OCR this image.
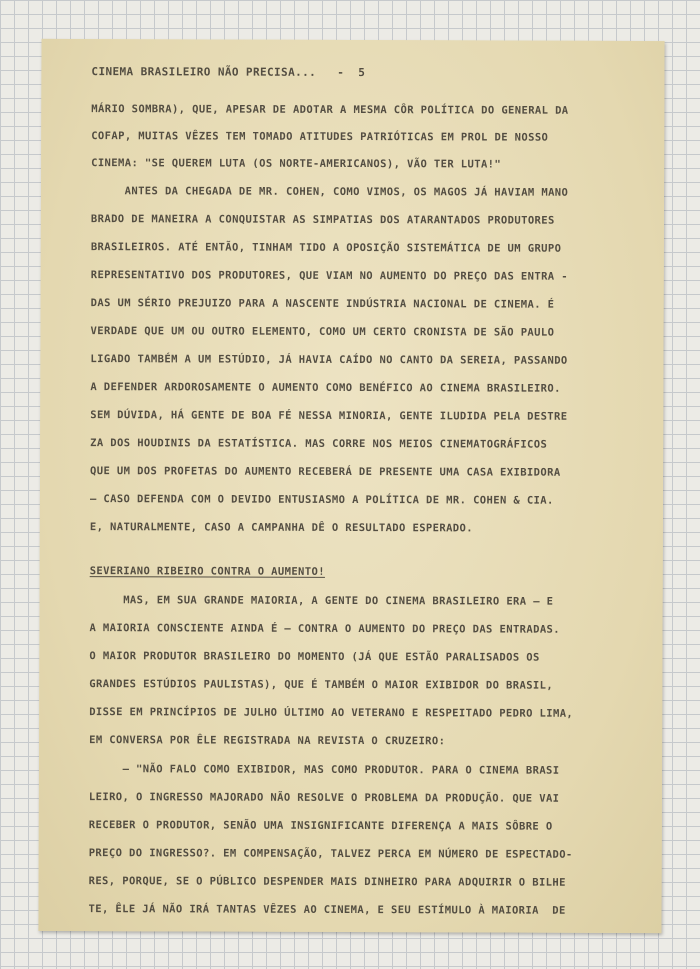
CINEMA BRASILEIRO NÃO PRECISA...   -  5
MÁRIO SOMBRA), QUE, APESAR DE ADOTAR A MESMA CÔR POLÍTICA DO GENERAL DA
COFAP, MUITAS VÊZES TEM TOMADO ATITUDES PATRIÓTICAS EM PROL DE NOSSO
CINEMA: "SE QUEREM LUTA (OS NORTE-AMERICANOS), VÃO TER LUTA!"
ANTES DA CHEGADA DE MR. COHEN, COMO VIMOS, OS MAGOS JÁ HAVIAM MANO
BRADO DE MANEIRA A CONQUISTAR AS SIMPATIAS DOS ATARANTADOS PRODUTORES
BRASILEIROS. ATÉ ENTÃO, TINHAM TIDO A OPOSIÇÃO SISTEMÁTICA DE UM GRUPO
REPRESENTATIVO DOS PRODUTORES, QUE VIAM NO AUMENTO DO PREÇO DAS ENTRA -
DAS UM SÉRIO PREJUIZO PARA A NASCENTE INDÚSTRIA NACIONAL DE CINEMA. É
VERDADE QUE UM OU OUTRO ELEMENTO, COMO UM CERTO CRONISTA DE SÃO PAULO
LIGADO TAMBÉM A UM ESTÚDIO, JÁ HAVIA CAÍDO NO CANTO DA SEREIA, PASSANDO
A DEFENDER ARDOROSAMENTE O AUMENTO COMO BENÉFICO AO CINEMA BRASILEIRO.
SEM DÚVIDA, HÁ GENTE DE BOA FÉ NESSA MINORIA, GENTE ILUDIDA PELA DESTRE
ZA DOS HOUDINIS DA ESTATÍSTICA. MAS CORRE NOS MEIOS CINEMATOGRÁFICOS
QUE UM DOS PROFETAS DO AUMENTO RECEBERÁ DE PRESENTE UMA CASA EXIBIDORA
— CASO DEFENDA COM O DEVIDO ENTUSIASMO A POLÍTICA DE MR. COHEN & CIA.
E, NATURALMENTE, CASO A CAMPANHA DÊ O RESULTADO ESPERADO.
SEVERIANO RIBEIRO CONTRA O AUMENTO!
MAS, EM SUA GRANDE MAIORIA, A GENTE DO CINEMA BRASILEIRO ERA — E
A MAIORIA CONSCIENTE AINDA É — CONTRA O AUMENTO DO PREÇO DAS ENTRADAS.
O MAIOR PRODUTOR BRASILEIRO DO MOMENTO (JÁ QUE ESTÃO PARALISADOS OS
GRANDES ESTÚDIOS PAULISTAS), QUE É TAMBÉM O MAIOR EXIBIDOR DO BRASIL,
DISSE EM PRINCÍPIOS DE JULHO ÚLTIMO AO VETERANO E RESPEITADO PEDRO LIMA,
EM CONVERSA POR ÊLE REGISTRADA NA REVISTA O CRUZEIRO:
— "NÃO FALO COMO EXIBIDOR, MAS COMO PRODUTOR. PARA O CINEMA BRASI
LEIRO, O INGRESSO MAJORADO NÃO RESOLVE O PROBLEMA DA PRODUÇÃO. QUE VAI
RECEBER O PRODUTOR, SENÃO UMA INSIGNIFICANTE DIFERENÇA A MAIS SÔBRE O
PREÇO DO INGRESSO?. EM COMPENSAÇÃO, TALVEZ PERCA EM NÚMERO DE ESPECTADO-
RES, PORQUE, SE O PÚBLICO DESPENDER MAIS DINHEIRO PARA ADQUIRIR O BILHE
TE, ÊLE JÁ NÃO IRÁ TANTAS VÊZES AO CINEMA, E SEU ESTÍMULO À MAIORIA  DE
